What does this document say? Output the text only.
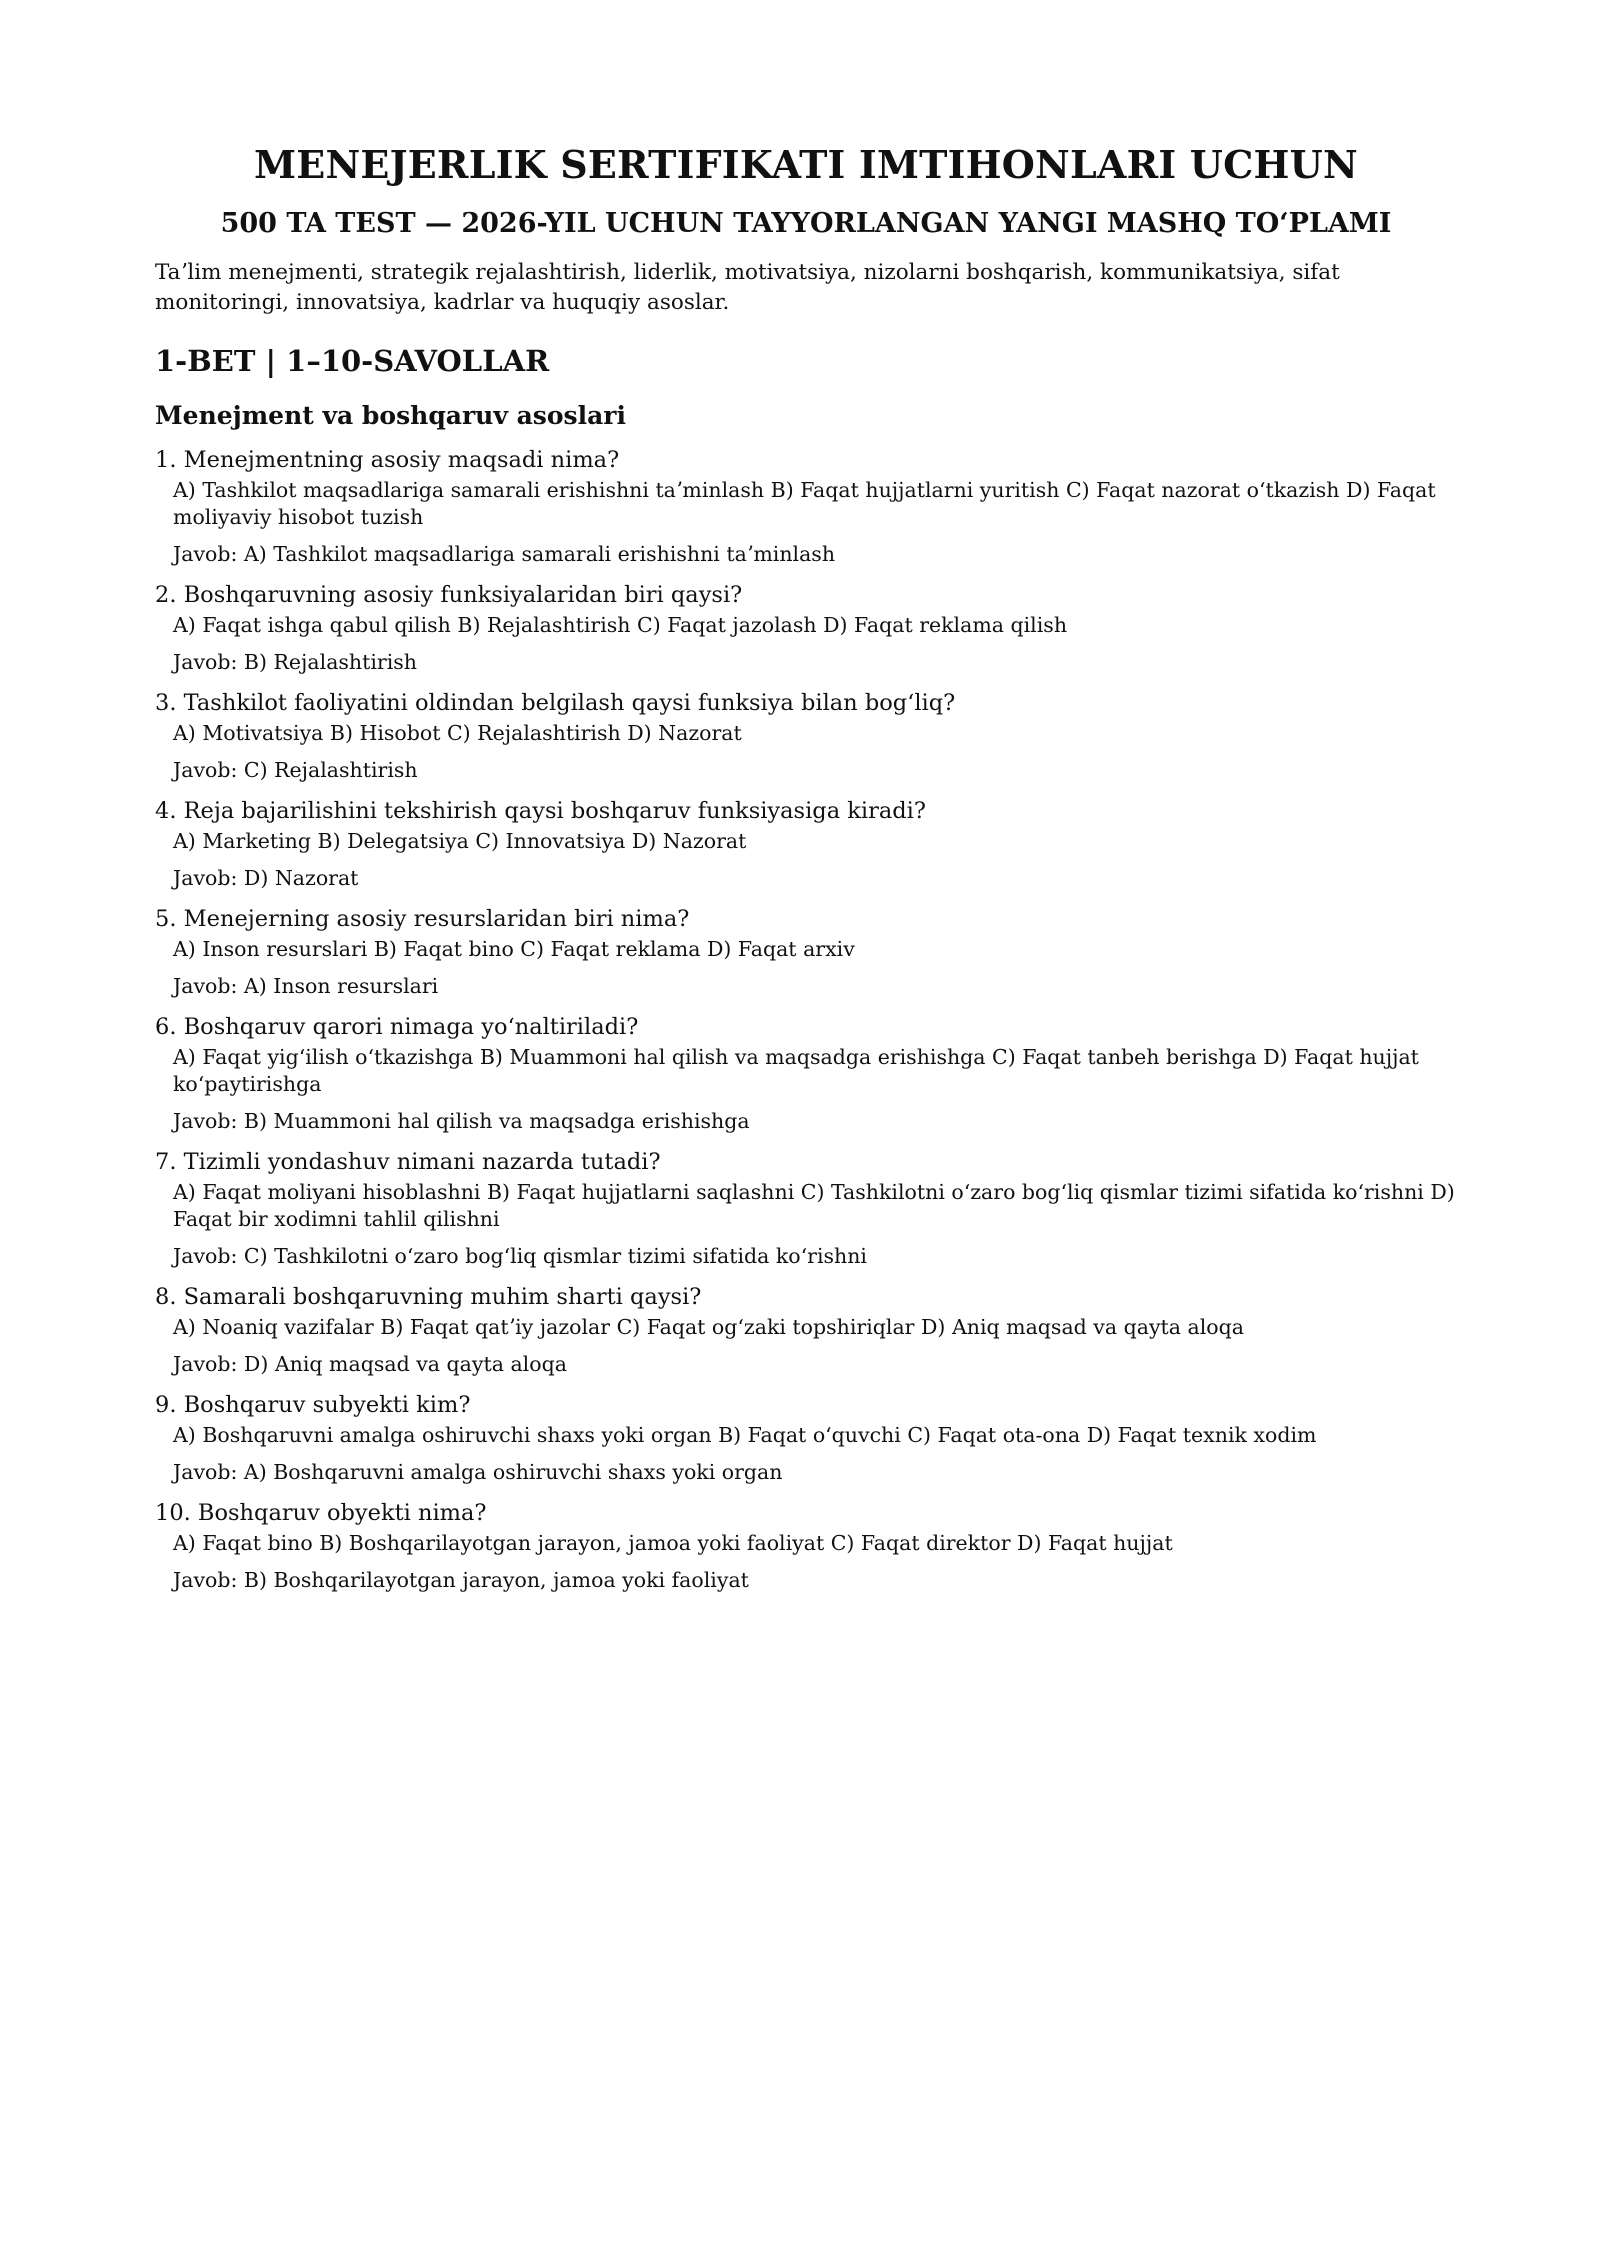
MENEJERLIK SERTIFIKATI IMTIHONLARI UCHUN
500 TA TEST — 2026-YIL UCHUN TAYYORLANGAN YANGI MASHQ TOʻPLAMI

Taʼlim menejmenti, strategik rejalashtirish, liderlik, motivatsiya, nizolarni boshqarish, kommunikatsiya, sifat monitoringi, innovatsiya, kadrlar va huquqiy asoslar.

1-BET | 1–10-SAVOLLAR
Menejment va boshqaruv asoslari

1. Menejmentning asosiy maqsadi nima?

A) Tashkilot maqsadlariga samarali erishishni taʼminlash B) Faqat hujjatlarni yuritish C) Faqat nazorat oʻtkazish D) Faqat moliyaviy hisobot tuzish

Javob: A) Tashkilot maqsadlariga samarali erishishni taʼminlash

2. Boshqaruvning asosiy funksiyalaridan biri qaysi?

A) Faqat ishga qabul qilish B) Rejalashtirish C) Faqat jazolash D) Faqat reklama qilish

Javob: B) Rejalashtirish

3. Tashkilot faoliyatini oldindan belgilash qaysi funksiya bilan bogʻliq?

A) Motivatsiya B) Hisobot C) Rejalashtirish D) Nazorat

Javob: C) Rejalashtirish

4. Reja bajarilishini tekshirish qaysi boshqaruv funksiyasiga kiradi?

A) Marketing B) Delegatsiya C) Innovatsiya D) Nazorat

Javob: D) Nazorat

5. Menejerning asosiy resurslaridan biri nima?

A) Inson resurslari B) Faqat bino C) Faqat reklama D) Faqat arxiv

Javob: A) Inson resurslari

6. Boshqaruv qarori nimaga yoʻnaltiriladi?

A) Faqat yigʻilish oʻtkazishga B) Muammoni hal qilish va maqsadga erishishga C) Faqat tanbeh berishga D) Faqat hujjat koʻpaytirishga

Javob: B) Muammoni hal qilish va maqsadga erishishga

7. Tizimli yondashuv nimani nazarda tutadi?

A) Faqat moliyani hisoblashni B) Faqat hujjatlarni saqlashni C) Tashkilotni oʻzaro bogʻliq qismlar tizimi sifatida koʻrishni D) Faqat bir xodimni tahlil qilishni

Javob: C) Tashkilotni oʻzaro bogʻliq qismlar tizimi sifatida koʻrishni

8. Samarali boshqaruvning muhim sharti qaysi?

A) Noaniq vazifalar B) Faqat qatʼiy jazolar C) Faqat ogʻzaki topshiriqlar D) Aniq maqsad va qayta aloqa

Javob: D) Aniq maqsad va qayta aloqa

9. Boshqaruv subyekti kim?

A) Boshqaruvni amalga oshiruvchi shaxs yoki organ B) Faqat oʻquvchi C) Faqat ota-ona D) Faqat texnik xodim

Javob: A) Boshqaruvni amalga oshiruvchi shaxs yoki organ

10. Boshqaruv obyekti nima?

A) Faqat bino B) Boshqarilayotgan jarayon, jamoa yoki faoliyat C) Faqat direktor D) Faqat hujjat

Javob: B) Boshqarilayotgan jarayon, jamoa yoki faoliyat
